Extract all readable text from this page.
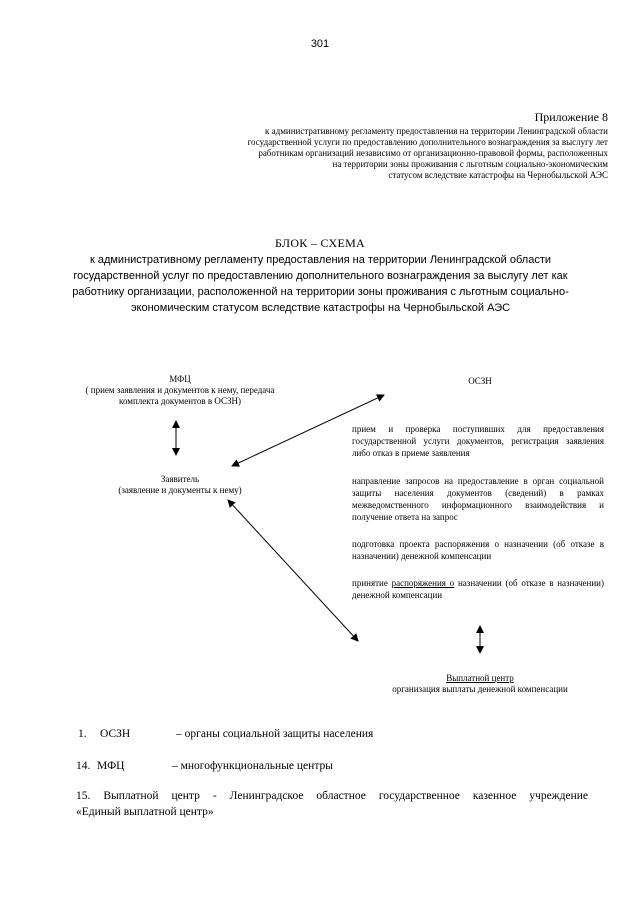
301
Приложение 8
к административному регламенту предоставления на территории Ленинградской области
государственной услуги по предоставлению дополнительного вознаграждения за выслугу лет
работникам организаций независимо от организационно-правовой формы, расположенных
на территории зоны проживания с льготным социально-экономическим
статусом вследствие катастрофы на Чернобыльской АЭС
БЛОК – СХЕМА
к административному регламенту предоставления на территории Ленинградской области
государственной услуг по предоставлению дополнительного вознаграждения за выслугу лет как
работнику организации, расположенной на территории зоны проживания с льготным социально-
экономическим статусом вследствие катастрофы на Чернобыльской АЭС
МФЦ
( прием заявления и документов к нему, передача
комплекта документов в ОСЗН)
Заявитель
(заявление и документы к нему)
ОСЗН
прием и проверка поступивших для предоставления государственной услуги документов, регистрация заявления либо отказ в приеме заявления
направление запросов на предоставление в орган социальной защиты населения документов (сведений) в рамках межведомственного информационного взаимодействия и получение ответа на запрос
подготовка проекта распоряжения о назначении (об отказе в назначении) денежной компенсации
принятие распоряжения о назначении (об отказе в назначении) денежной компенсации
Выплатной центр
организация выплаты денежной компенсации
1. ОСЗН	– органы социальной защиты населения
14. МФЦ	– многофункциональные центры
15. Выплатной центр - Ленинградское областное государственное казенное учреждение
«Единый выплатной центр»
